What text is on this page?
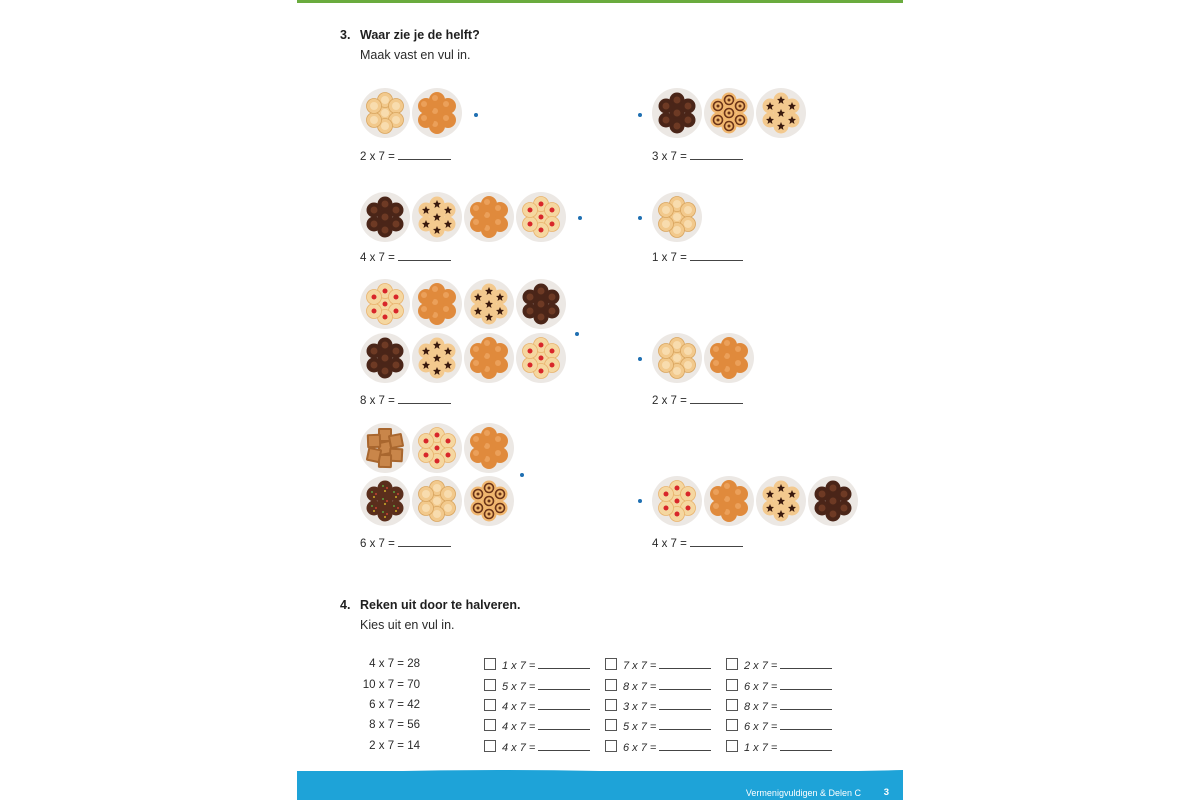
3. Waar zie je de helft?
Maak vast en vul in.
2 x 7 =	3 x 7 =
4 x 7 =	1 x 7 =
8 x 7 =	2 x 7 =
6 x 7 =	4 x 7 =
4. Reken uit door te halveren.
Kies uit en vul in.
4 x 7 = 28	1 x 7 =	7 x 7 =	2 x 7 =
10 x 7 = 70	5 x 7 =	8 x 7 =	6 x 7 =
6 x 7 = 42	4 x 7 =	3 x 7 =	8 x 7 =
8 x 7 = 56	4 x 7 =	5 x 7 =	6 x 7 =
2 x 7 = 14	4 x 7 =	6 x 7 =	1 x 7 =
Vermenigvuldigen & Delen C 3
